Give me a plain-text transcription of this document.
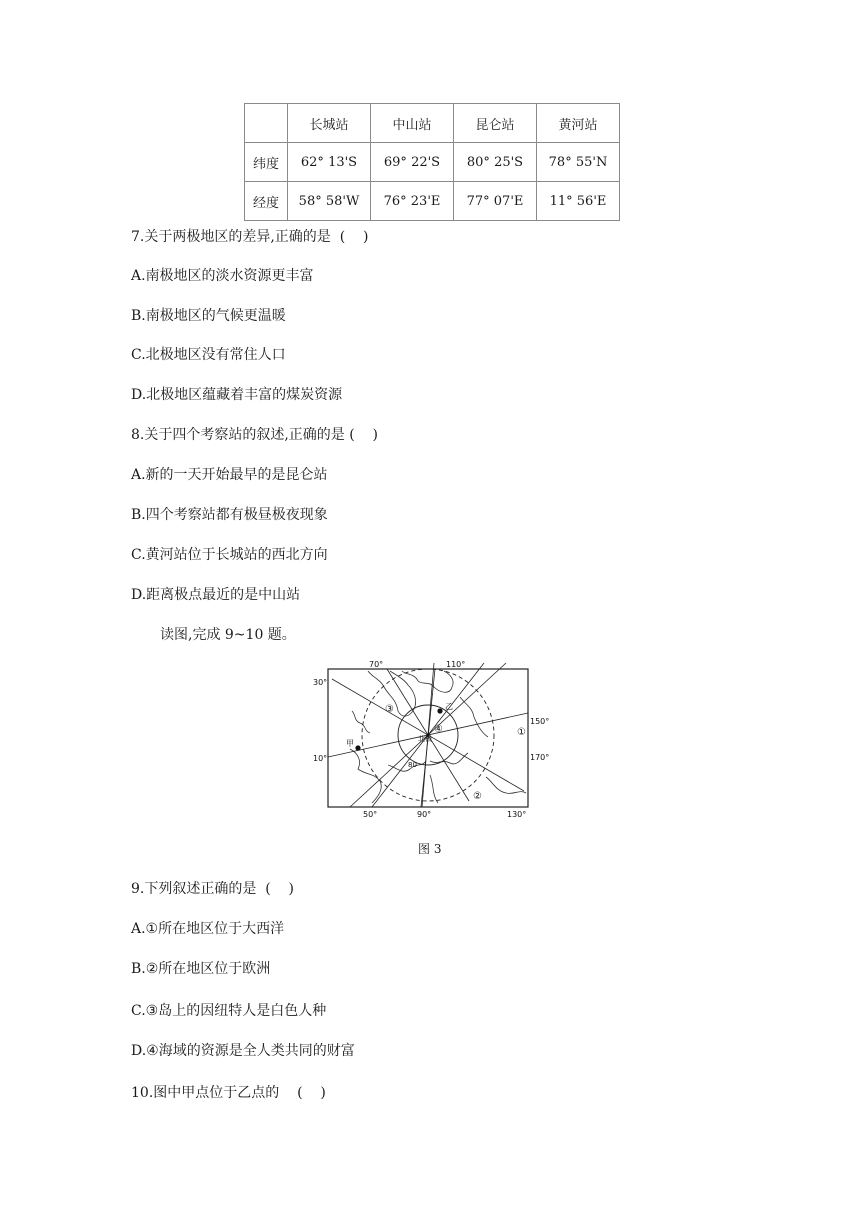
	长城站	中山站	昆仑站	黄河站
纬度	62° 13'S	69° 22'S	80° 25'S	78° 55'N
经度	58° 58'W	76° 23'E	77° 07'E	11° 56'E
7.关于两极地区的差异,正确的是  (    )
A.南极地区的淡水资源更丰富
B.南极地区的气候更温暖
C.北极地区没有常住人口
D.北极地区蕴藏着丰富的煤炭资源
8.关于四个考察站的叙述,正确的是 (    )
A.新的一天开始最早的是昆仑站
B.四个考察站都有极昼极夜现象
C.黄河站位于长城站的西北方向
D.距离极点最近的是中山站
读图,完成 9~10 题。
70°	110°
30°
150°
10°	170°
50°	90°	130°
①
②
③
④
甲
乙
北极
80
图 3
9.下列叙述正确的是  (    )
A.①所在地区位于大西洋
B.②所在地区位于欧洲
C.③岛上的因纽特人是白色人种
D.④海域的资源是全人类共同的财富
10.图中甲点位于乙点的    (    )
